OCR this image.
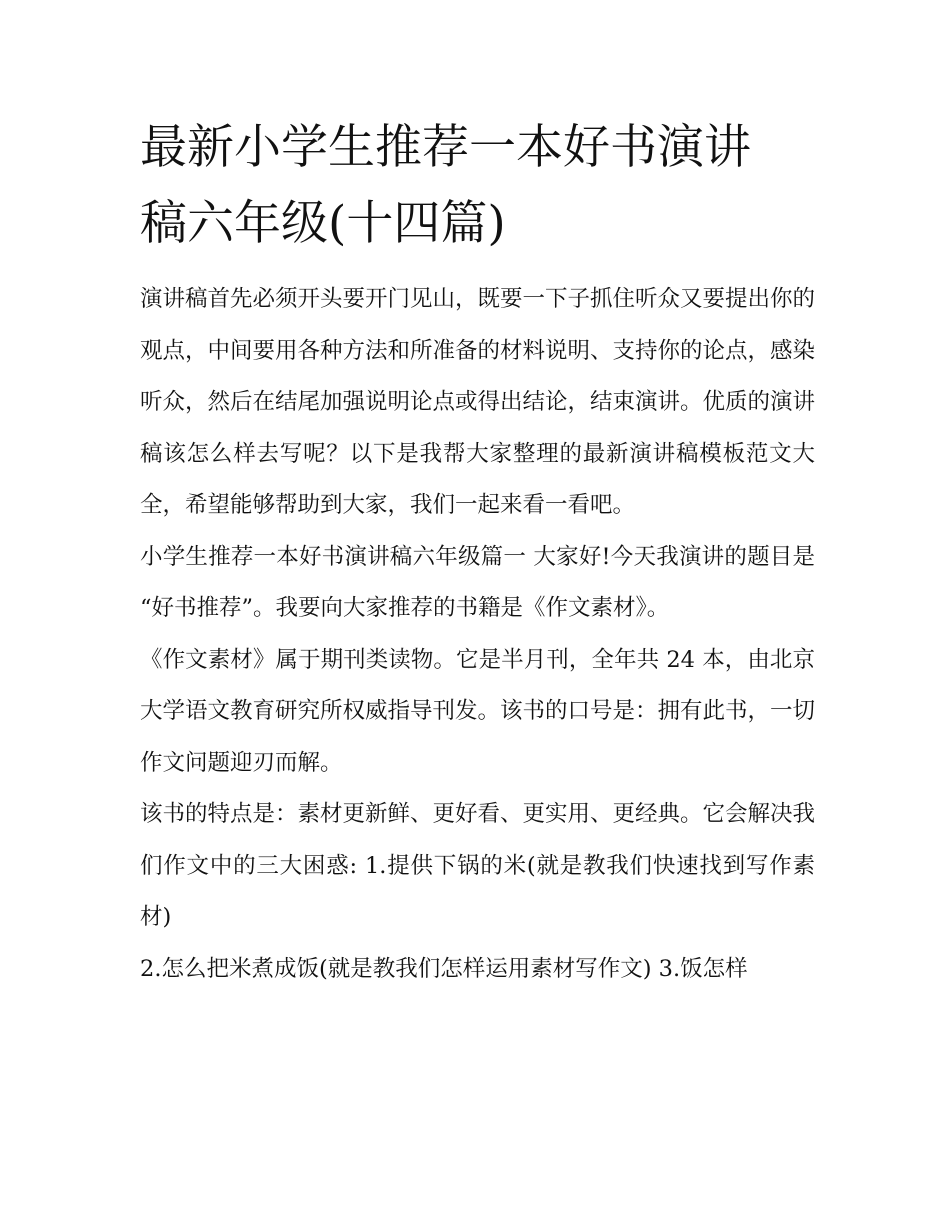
最新小学生推荐一本好书演讲
稿六年级(十四篇)

演讲稿首先必须开头要开门见山，既要一下子抓住听众又要提出你的观点，中间要用各种方法和所准备的材料说明、支持你的论点，感染听众，然后在结尾加强说明论点或得出结论，结束演讲。优质的演讲稿该怎么样去写呢？以下是我帮大家整理的最新演讲稿模板范文大全，希望能够帮助到大家，我们一起来看一看吧。

小学生推荐一本好书演讲稿六年级篇一 大家好!今天我演讲的题目是 “好书推荐”。我要向大家推荐的书籍是《作文素材》。

《作文素材》属于期刊类读物。它是半月刊，全年共 24 本，由北京大学语文教育研究所权威指导刊发。该书的口号是：拥有此书，一切作文问题迎刃而解。

该书的特点是：素材更新鲜、更好看、更实用、更经典。它会解决我们作文中的三大困惑: 1.提供下锅的米(就是教我们快速找到写作素材)

2.怎么把米煮成饭(就是教我们怎样运用素材写作文) 3.饭怎样
